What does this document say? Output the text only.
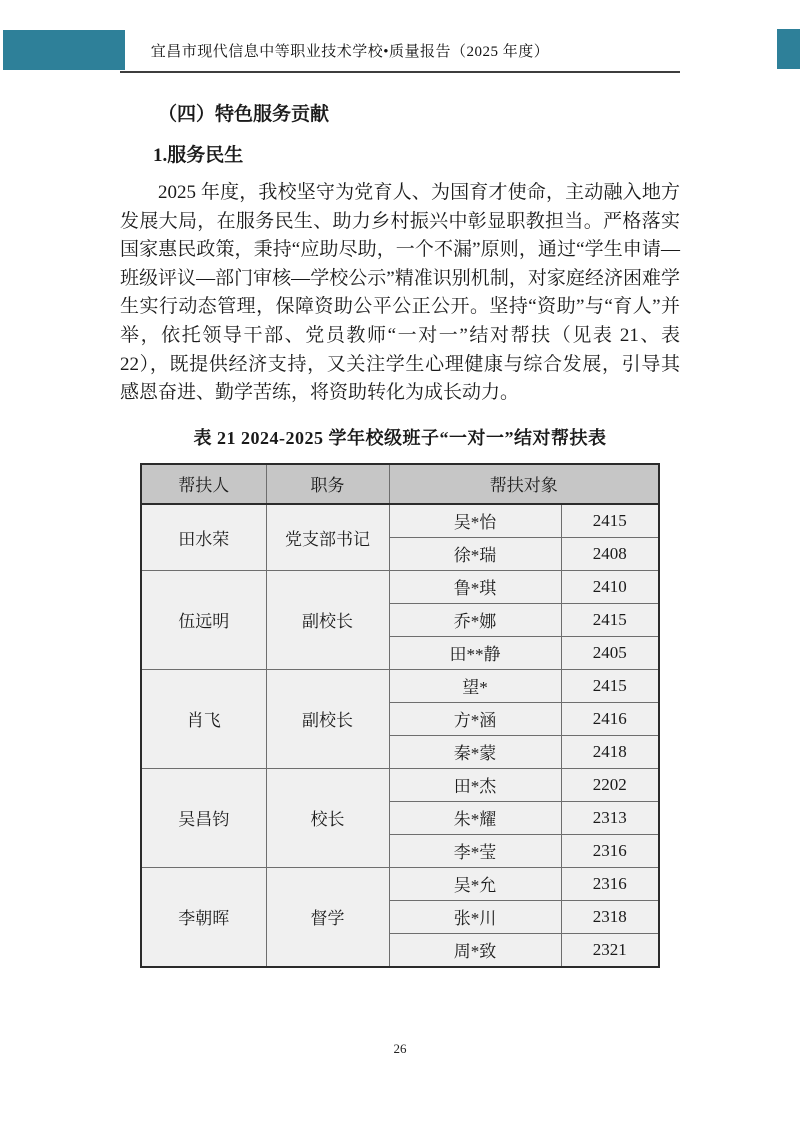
宜昌市现代信息中等职业技术学校•质量报告（2025 年度）
（四）特色服务贡献
1.服务民生

2025 年度，我校坚守为党育人、为国育才使命，主动融入地方发展大局，在服务民生、助力乡村振兴中彰显职教担当。严格落实国家惠民政策，秉持“应助尽助，一个不漏”原则，通过“学生申请—班级评议—部门审核—学校公示”精准识别机制，对家庭经济困难学生实行动态管理，保障资助公平公正公开。坚持“资助”与“育人”并举，依托领导干部、党员教师“一对一”结对帮扶（见表 21、表 22），既提供经济支持，又关注学生心理健康与综合发展，引导其感恩奋进、勤学苦练，将资助转化为成长动力。

表 21 2024-2025 学年校级班子“一对一”结对帮扶表
帮扶人	职务	帮扶对象	
田水荣	党支部书记	吴*怡	2415
		徐*瑞	2408
伍远明	副校长	鲁*琪	2410
		乔*娜	2415
		田**静	2405
肖飞	副校长	望*	2415
		方*涵	2416
		秦*蒙	2418
吴昌钧	校长	田*杰	2202
		朱*耀	2313
		李*莹	2316
李朝晖	督学	吴*允	2316
		张*川	2318
		周*致	2321
26
